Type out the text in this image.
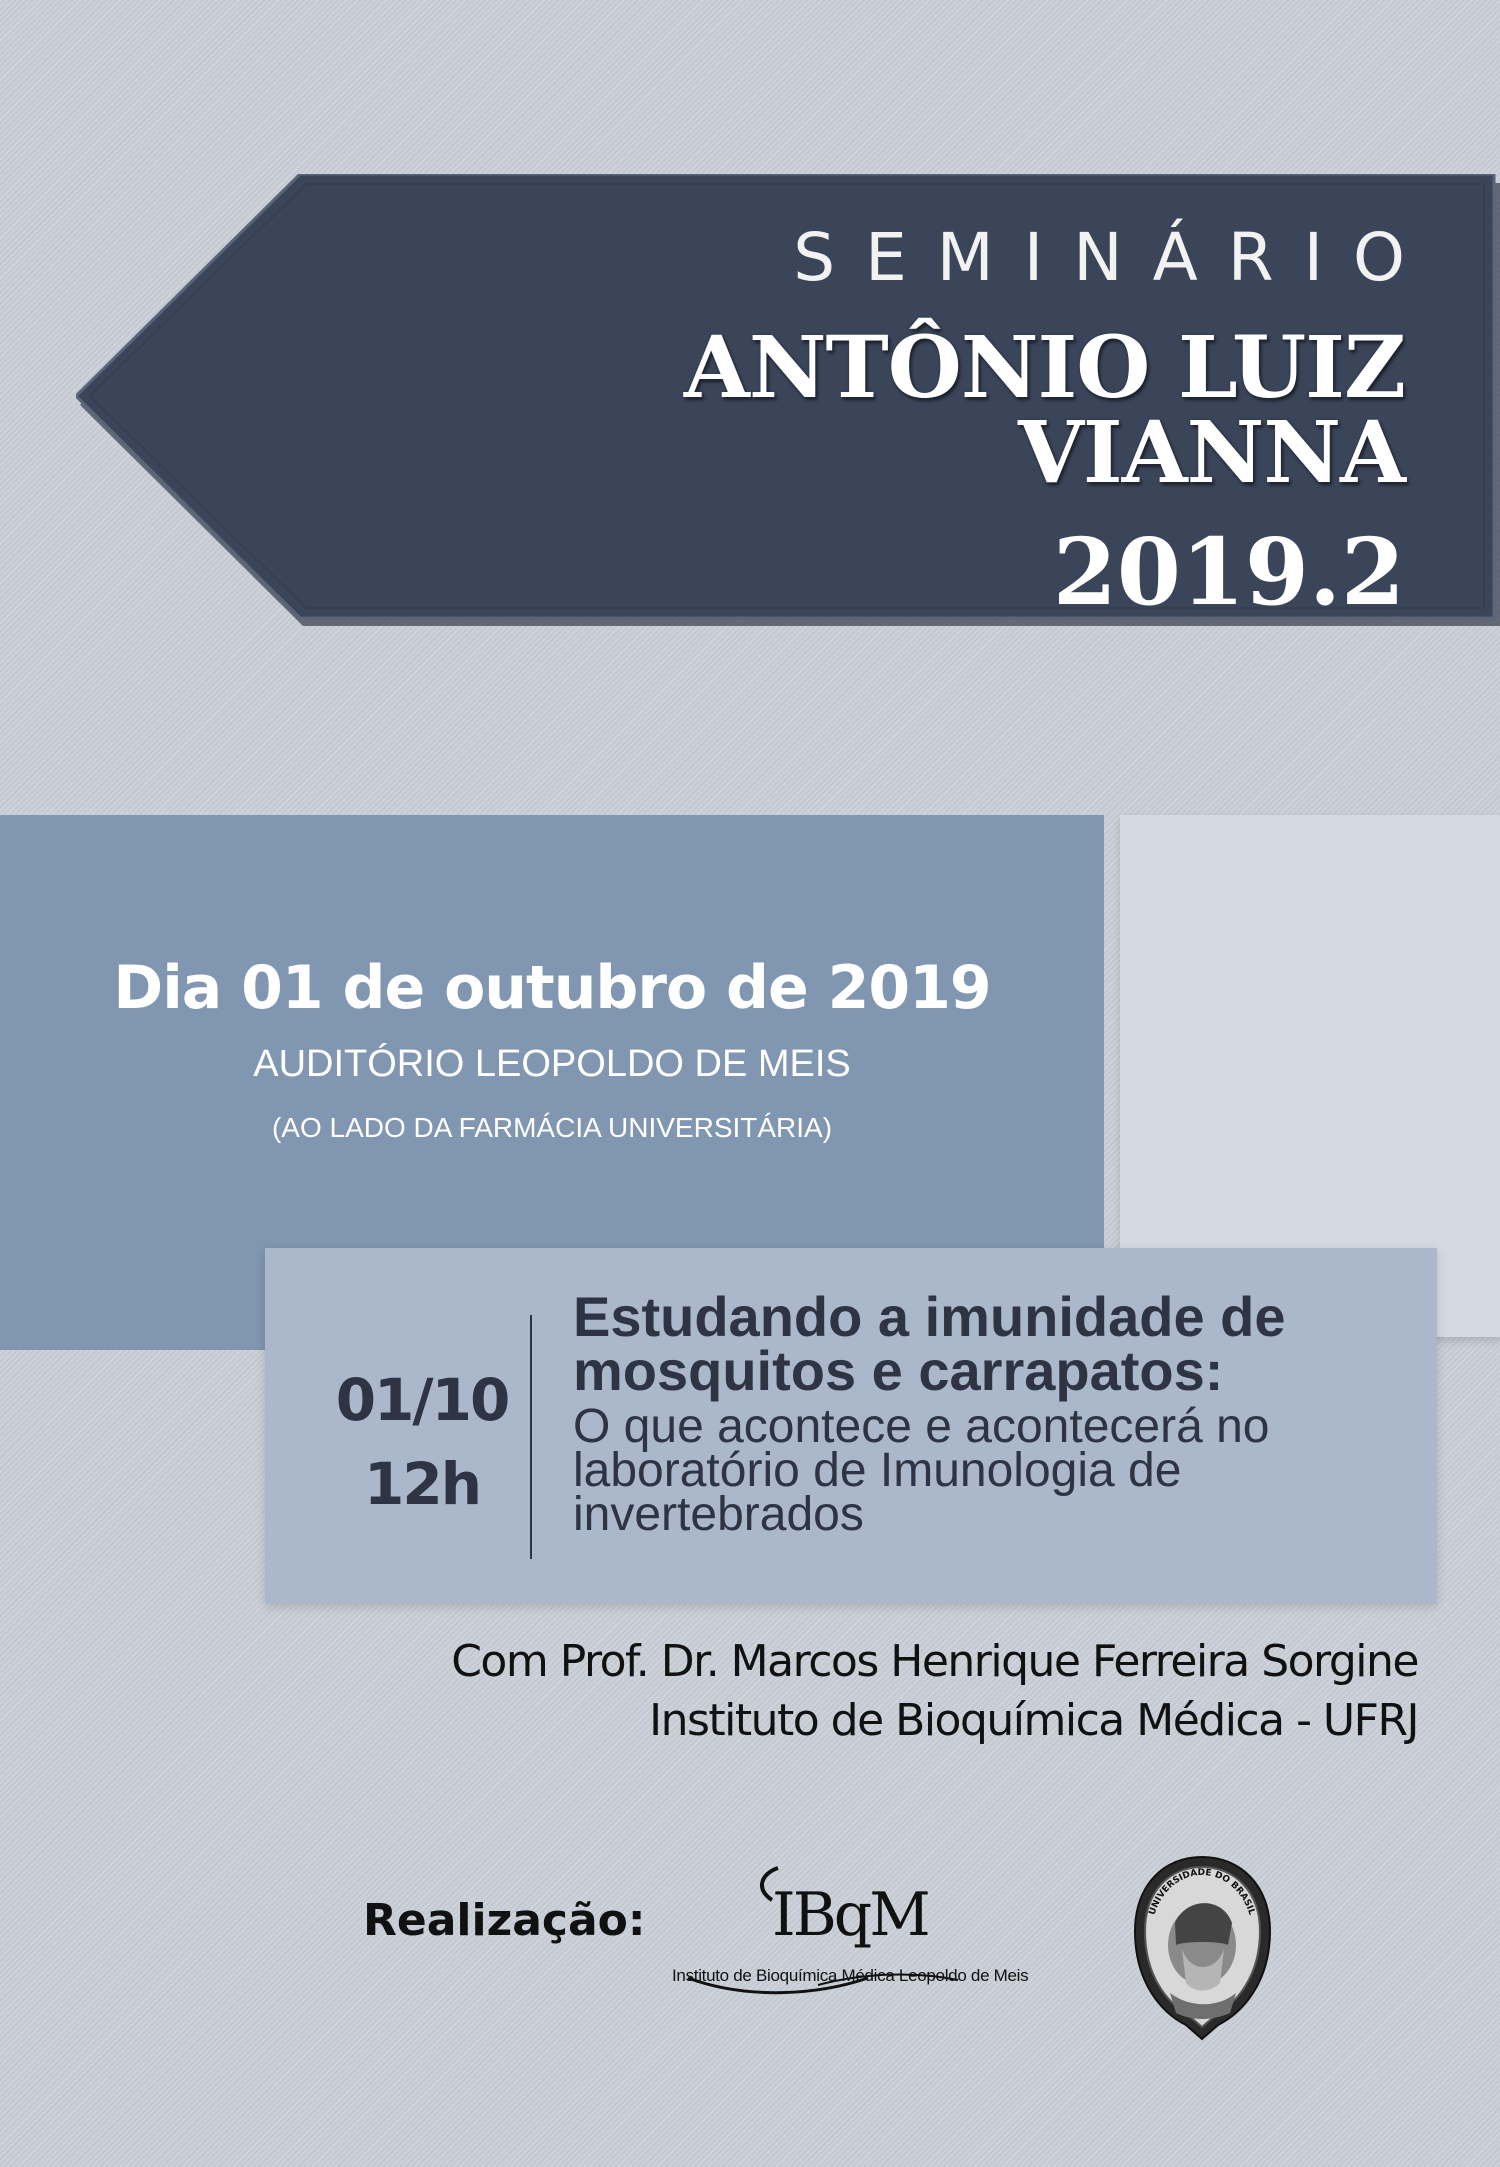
SEMINÁRIO
ANTÔNIO LUIZ VIANNA
2019.2
Dia 01 de outubro de 2019
AUDITÓRIO LEOPOLDO DE MEIS
(AO LADO DA FARMÁCIA UNIVERSITÁRIA)
01/10
12h
Estudando a imunidade de mosquitos e carrapatos:
O que acontece e acontecerá no laboratório de Imunologia de invertebrados
Com Prof. Dr. Marcos Henrique Ferreira Sorgine
Instituto de Bioquímica Médica - UFRJ
Realização: IBqM
Instituto de Bioquímica Médica Leopoldo de Meis
UNIVERSIDADE DO BRASIL
